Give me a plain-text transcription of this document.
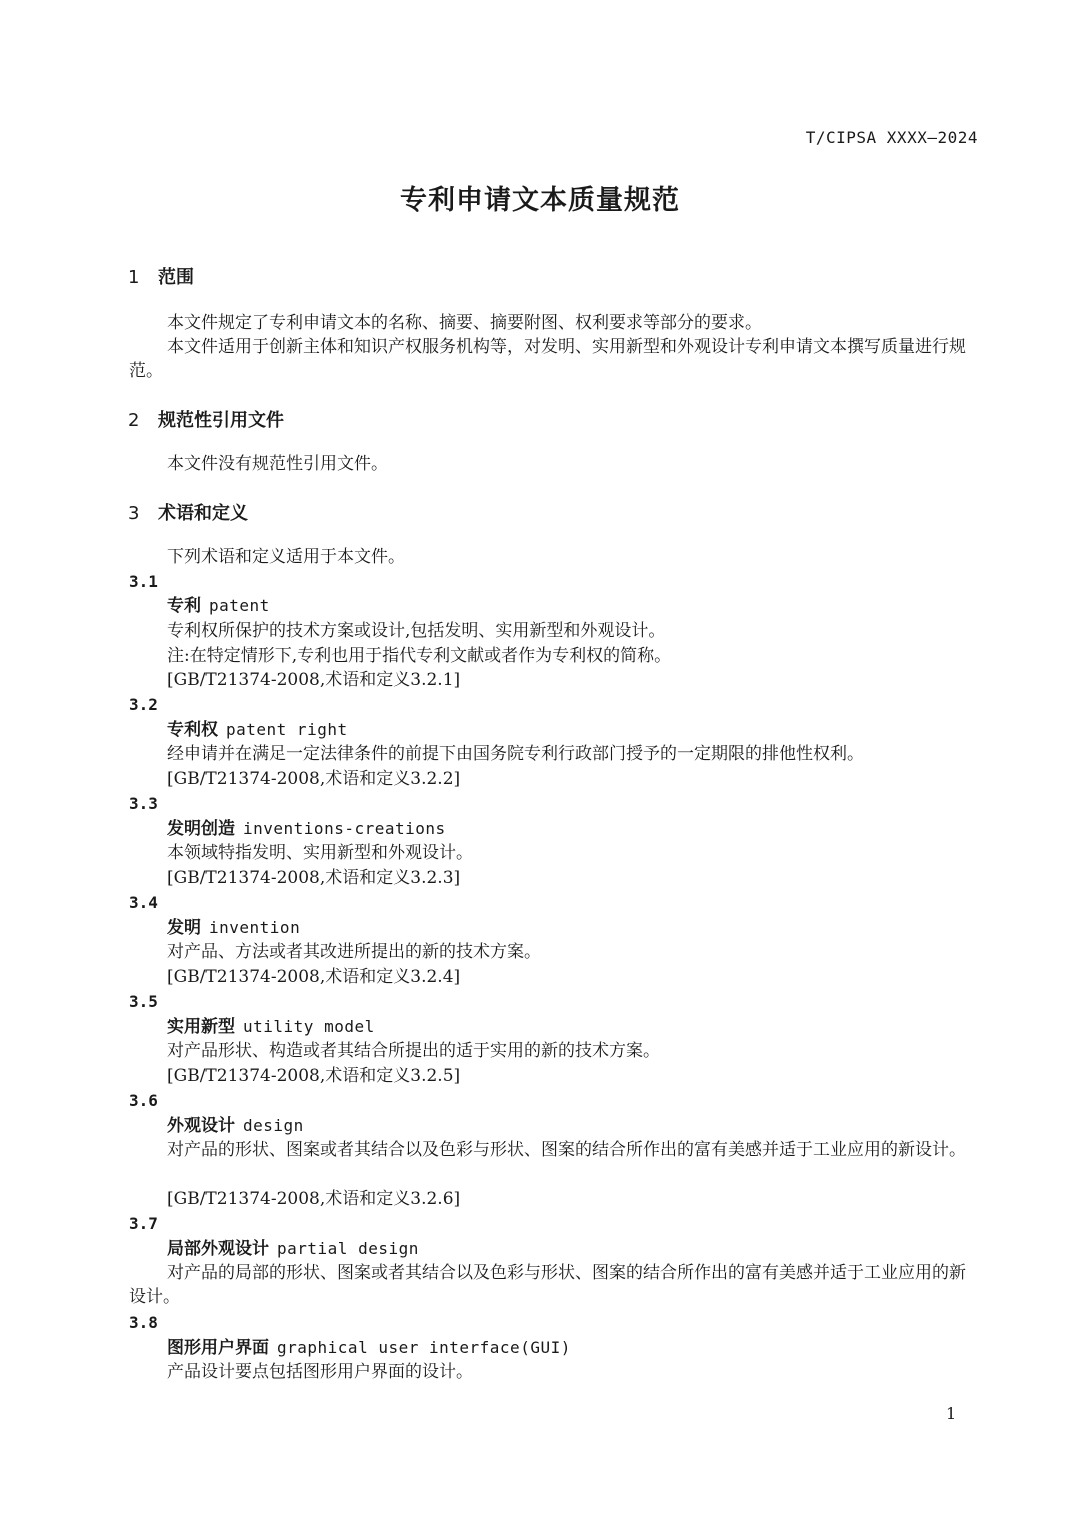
T/CIPSA XXXX—2024
专利申请文本质量规范
1 范围
本文件规定了专利申请文本的名称、摘要、摘要附图、权利要求等部分的要求。
本文件适用于创新主体和知识产权服务机构等，对发明、实用新型和外观设计专利申请文本撰写质量进行规范。
2 规范性引用文件
本文件没有规范性引用文件。
3 术语和定义
下列术语和定义适用于本文件。
3.1
专利 patent
专利权所保护的技术方案或设计,包括发明、实用新型和外观设计。
注:在特定情形下,专利也用于指代专利文献或者作为专利权的简称。
[GB/T21374-2008,术语和定义3.2.1]
3.2
专利权 patent right
经申请并在满足一定法律条件的前提下由国务院专利行政部门授予的一定期限的排他性权利。
[GB/T21374-2008,术语和定义3.2.2]
3.3
发明创造 inventions-creations
本领域特指发明、实用新型和外观设计。
[GB/T21374-2008,术语和定义3.2.3]
3.4
发明 invention
对产品、方法或者其改进所提出的新的技术方案。
[GB/T21374-2008,术语和定义3.2.4]
3.5
实用新型 utility model
对产品形状、构造或者其结合所提出的适于实用的新的技术方案。
[GB/T21374-2008,术语和定义3.2.5]
3.6
外观设计 design
对产品的形状、图案或者其结合以及色彩与形状、图案的结合所作出的富有美感并适于工业应用的新设计。
[GB/T21374-2008,术语和定义3.2.6]
3.7
局部外观设计 partial design
对产品的局部的形状、图案或者其结合以及色彩与形状、图案的结合所作出的富有美感并适于工业应用的新设计。
3.8
图形用户界面 graphical user interface(GUI)
产品设计要点包括图形用户界面的设计。
1
